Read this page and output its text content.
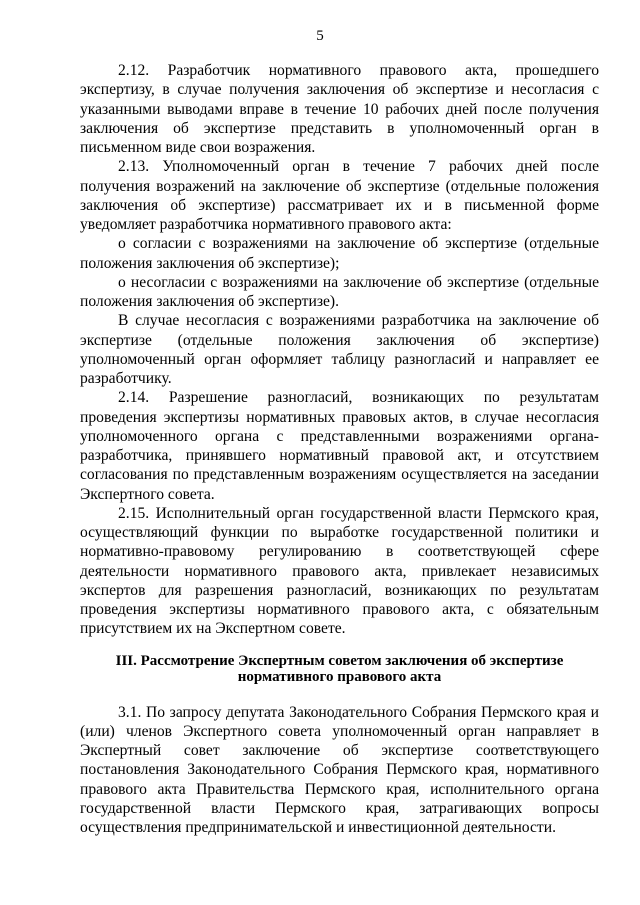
5

2.12. Разработчик нормативного правового акта, прошедшего экспертизу, в случае получения заключения об экспертизе и несогласия с указанными выводами вправе в течение 10 рабочих дней после получения заключения об экспертизе представить в уполномоченный орган в письменном виде свои возражения.

2.13. Уполномоченный орган в течение 7 рабочих дней после получения возражений на заключение об экспертизе (отдельные положения заключения об экспертизе) рассматривает их и в письменной форме уведомляет разработчика нормативного правового акта:

о согласии с возражениями на заключение об экспертизе (отдельные положения заключения об экспертизе);

о несогласии с возражениями на заключение об экспертизе (отдельные положения заключения об экспертизе).

В случае несогласия с возражениями разработчика на заключение об экспертизе (отдельные положения заключения об экспертизе) уполномоченный орган оформляет таблицу разногласий и направляет ее разработчику.

2.14. Разрешение разногласий, возникающих по результатам проведения экспертизы нормативных правовых актов, в случае несогласия уполномоченного органа с представленными возражениями органа-разработчика, принявшего нормативный правовой акт, и отсутствием согласования по представленным возражениям осуществляется на заседании Экспертного совета.

2.15. Исполнительный орган государственной власти Пермского края, осуществляющий функции по выработке государственной политики и нормативно-правовому регулированию в соответствующей сфере деятельности нормативного правового акта, привлекает независимых экспертов для разрешения разногласий, возникающих по результатам проведения экспертизы нормативного правового акта, с обязательным присутствием их на Экспертном совете.

III. Рассмотрение Экспертным советом заключения об экспертизе нормативного правового акта

3.1. По запросу депутата Законодательного Собрания Пермского края и (или) членов Экспертного совета уполномоченный орган направляет в Экспертный совет заключение об экспертизе соответствующего постановления Законодательного Собрания Пермского края, нормативного правового акта Правительства Пермского края, исполнительного органа государственной власти Пермского края, затрагивающих вопросы осуществления предпринимательской и инвестиционной деятельности.
